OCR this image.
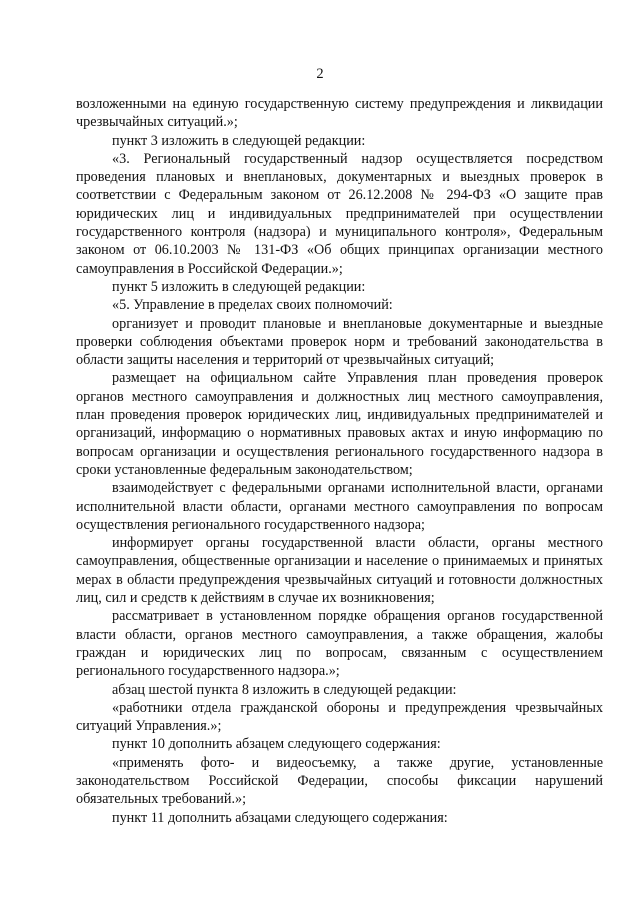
2

возложенными на единую государственную систему предупреждения и ликвидации чрезвычайных ситуаций.»;

пункт 3 изложить в следующей редакции:

«3. Региональный государственный надзор осуществляется посредством проведения плановых и внеплановых, документарных и выездных проверок в соответствии с Федеральным законом от 26.12.2008 № 294-ФЗ «О защите прав юридических лиц и индивидуальных предпринимателей при осуществлении государственного контроля (надзора) и муниципального контроля», Федеральным законом от 06.10.2003 № 131-ФЗ «Об общих принципах организации местного самоуправления в Российской Федерации.»;

пункт 5 изложить в следующей редакции:

«5. Управление в пределах своих полномочий:

организует и проводит плановые и внеплановые документарные и выездные проверки соблюдения объектами проверок норм и требований законодательства в области защиты населения и территорий от чрезвычайных ситуаций;

размещает на официальном сайте Управления план проведения проверок органов местного самоуправления и должностных лиц местного самоуправления, план проведения проверок юридических лиц, индивидуальных предпринимателей и организаций, информацию о нормативных правовых актах и иную информацию по вопросам организации и осуществления регионального государственного надзора в сроки установленные федеральным законодательством;

взаимодействует с федеральными органами исполнительной власти, органами исполнительной власти области, органами местного самоуправления по вопросам осуществления регионального государственного надзора;

информирует органы государственной власти области, органы местного самоуправления, общественные организации и население о принимаемых и принятых мерах в области предупреждения чрезвычайных ситуаций и готовности должностных лиц, сил и средств к действиям в случае их возникновения;

рассматривает в установленном порядке обращения органов государственной власти области, органов местного самоуправления, а также обращения, жалобы граждан и юридических лиц по вопросам, связанным с осуществлением регионального государственного надзора.»;

абзац шестой пункта 8 изложить в следующей редакции:

«работники отдела гражданской обороны и предупреждения чрезвычайных ситуаций Управления.»;

пункт 10 дополнить абзацем следующего содержания:

«применять фото- и видеосъемку, а также другие, установленные законодательством Российской Федерации, способы фиксации нарушений обязательных требований.»;

пункт 11 дополнить абзацами следующего содержания:
